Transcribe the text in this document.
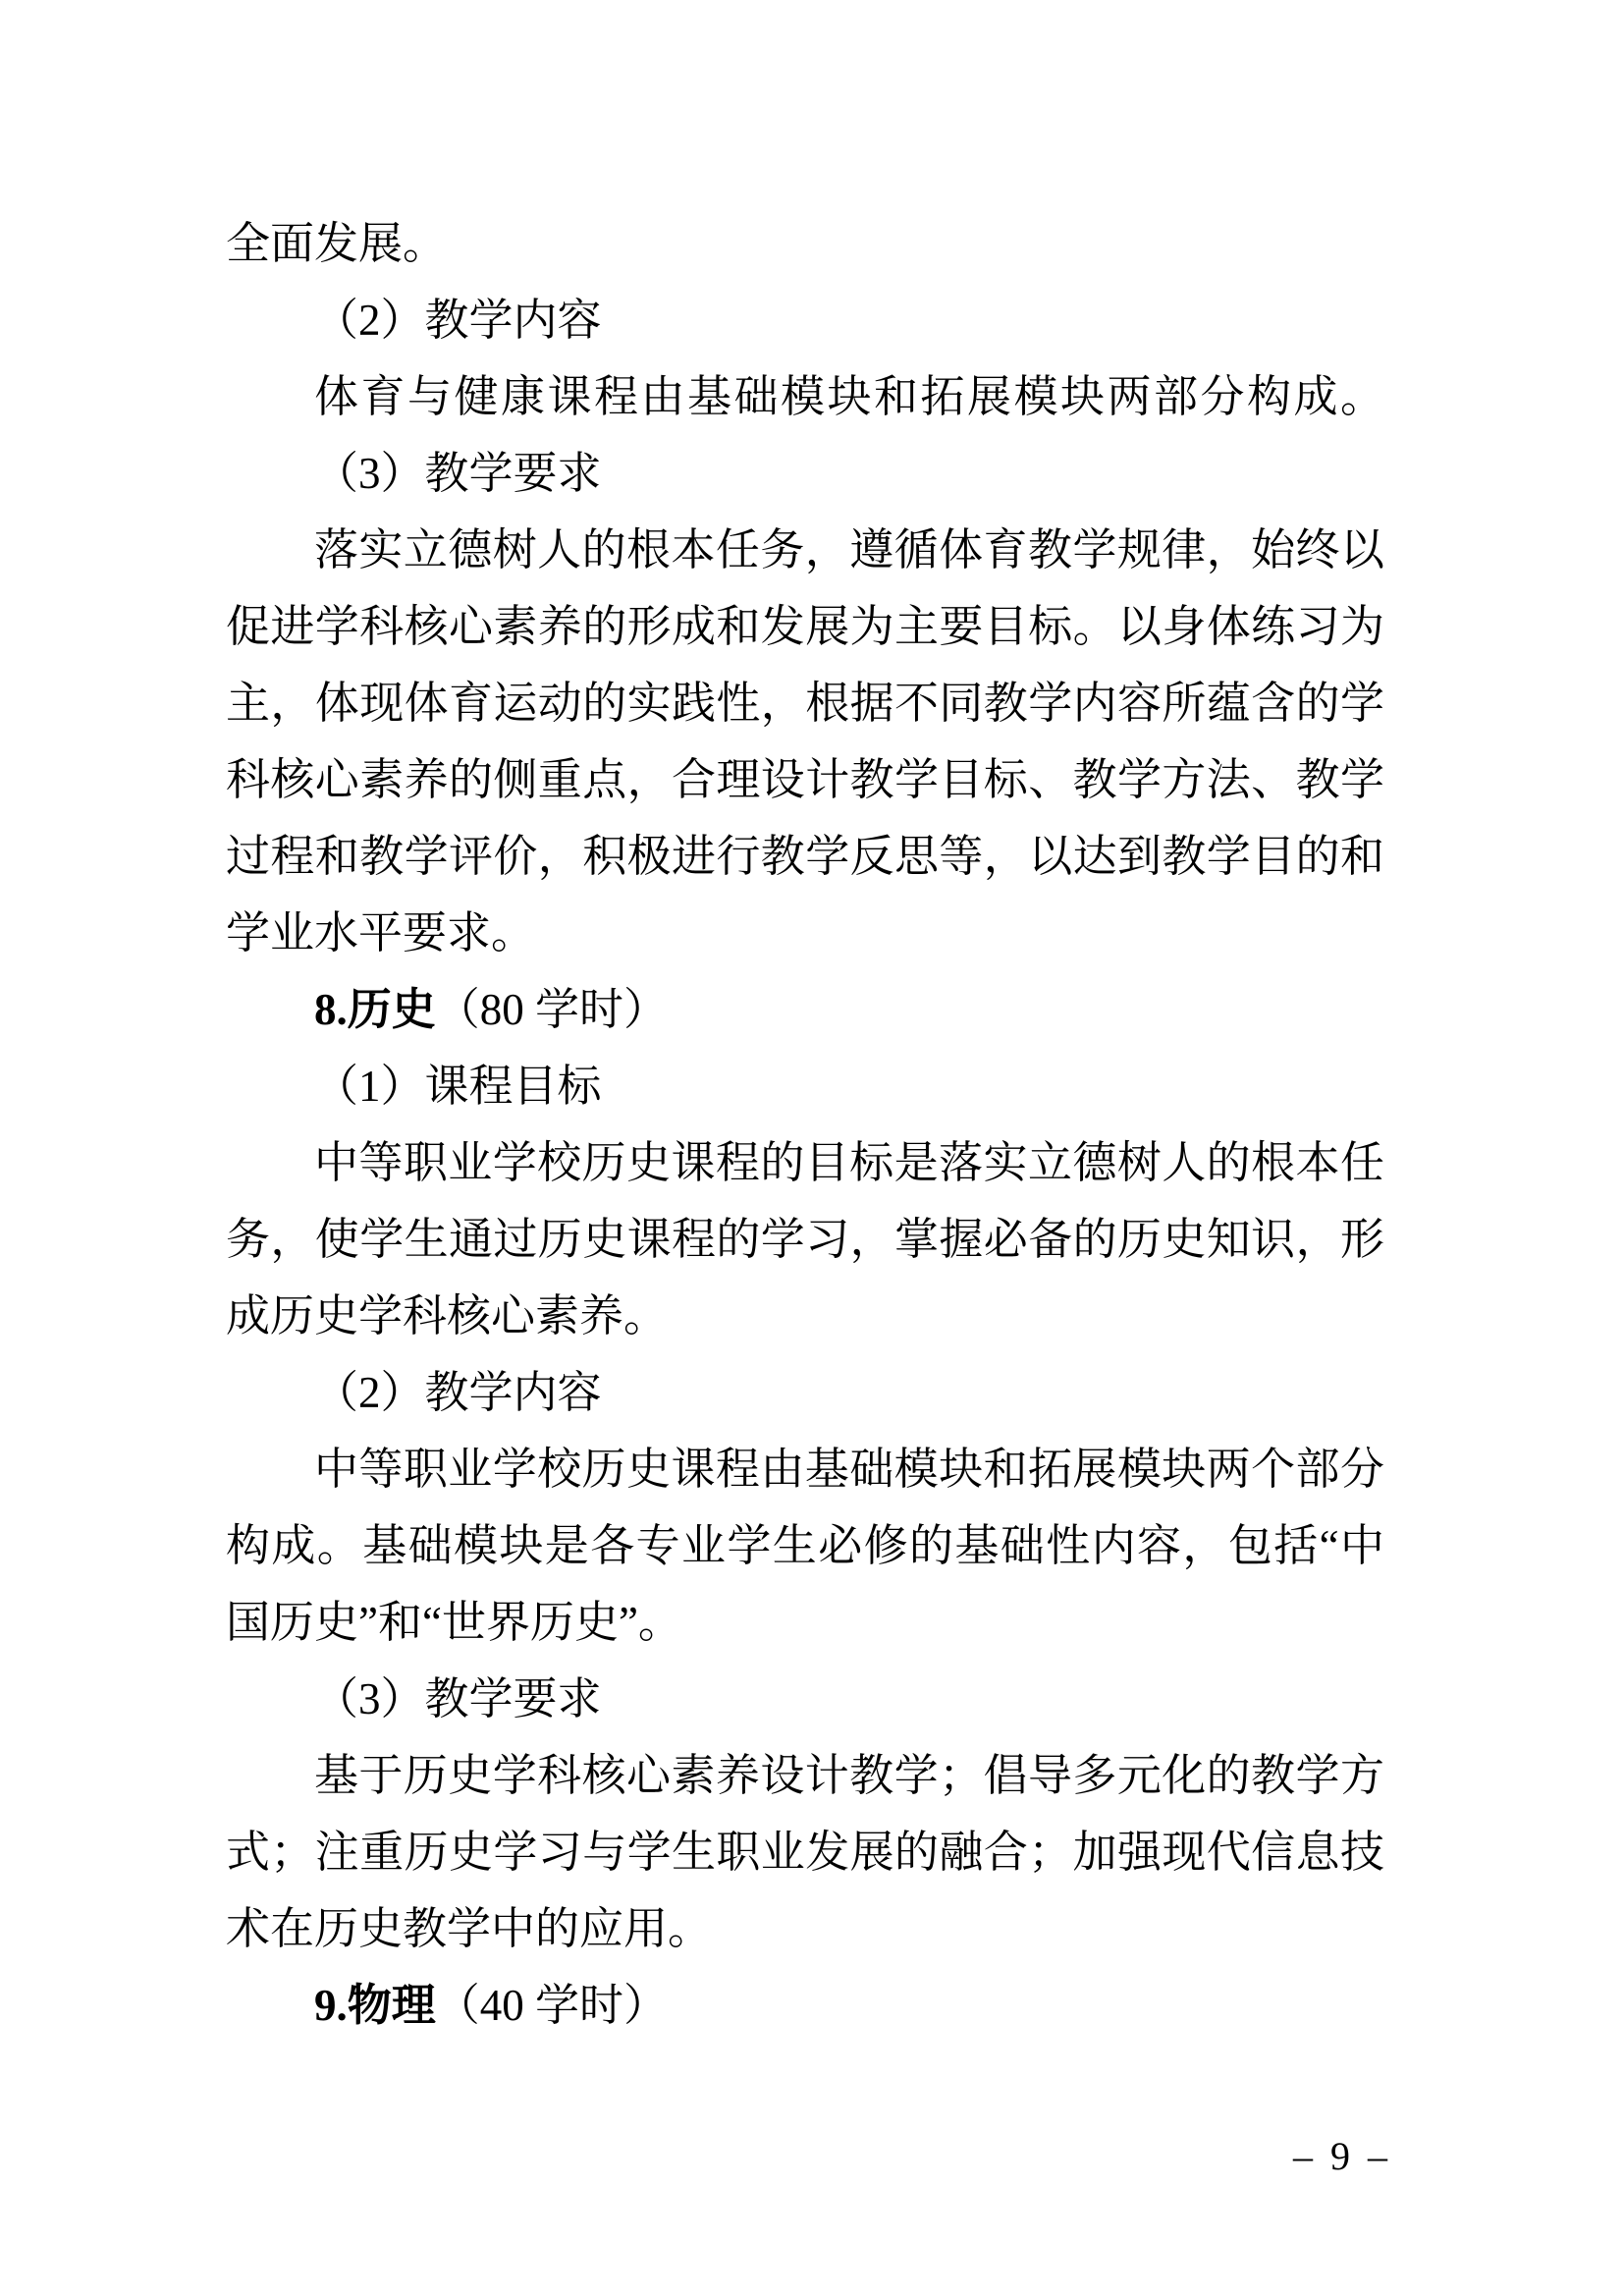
全面发展。
（2）教学内容
体育与健康课程由基础模块和拓展模块两部分构成。
（3）教学要求
落实立德树人的根本任务，遵循体育教学规律，始终以
促进学科核心素养的形成和发展为主要目标。以身体练习为
主，体现体育运动的实践性，根据不同教学内容所蕴含的学
科核心素养的侧重点，合理设计教学目标、教学方法、教学
过程和教学评价，积极进行教学反思等，以达到教学目的和
学业水平要求。
8.历史（80 学时）
（1）课程目标
中等职业学校历史课程的目标是落实立德树人的根本任
务，使学生通过历史课程的学习，掌握必备的历史知识，形
成历史学科核心素养。
（2）教学内容
中等职业学校历史课程由基础模块和拓展模块两个部分
构成。基础模块是各专业学生必修的基础性内容，包括“中
国历史”和“世界历史”。
（3）教学要求
基于历史学科核心素养设计教学；倡导多元化的教学方
式；注重历史学习与学生职业发展的融合；加强现代信息技
术在历史教学中的应用。
9.物理（40 学时）
– 9 –
